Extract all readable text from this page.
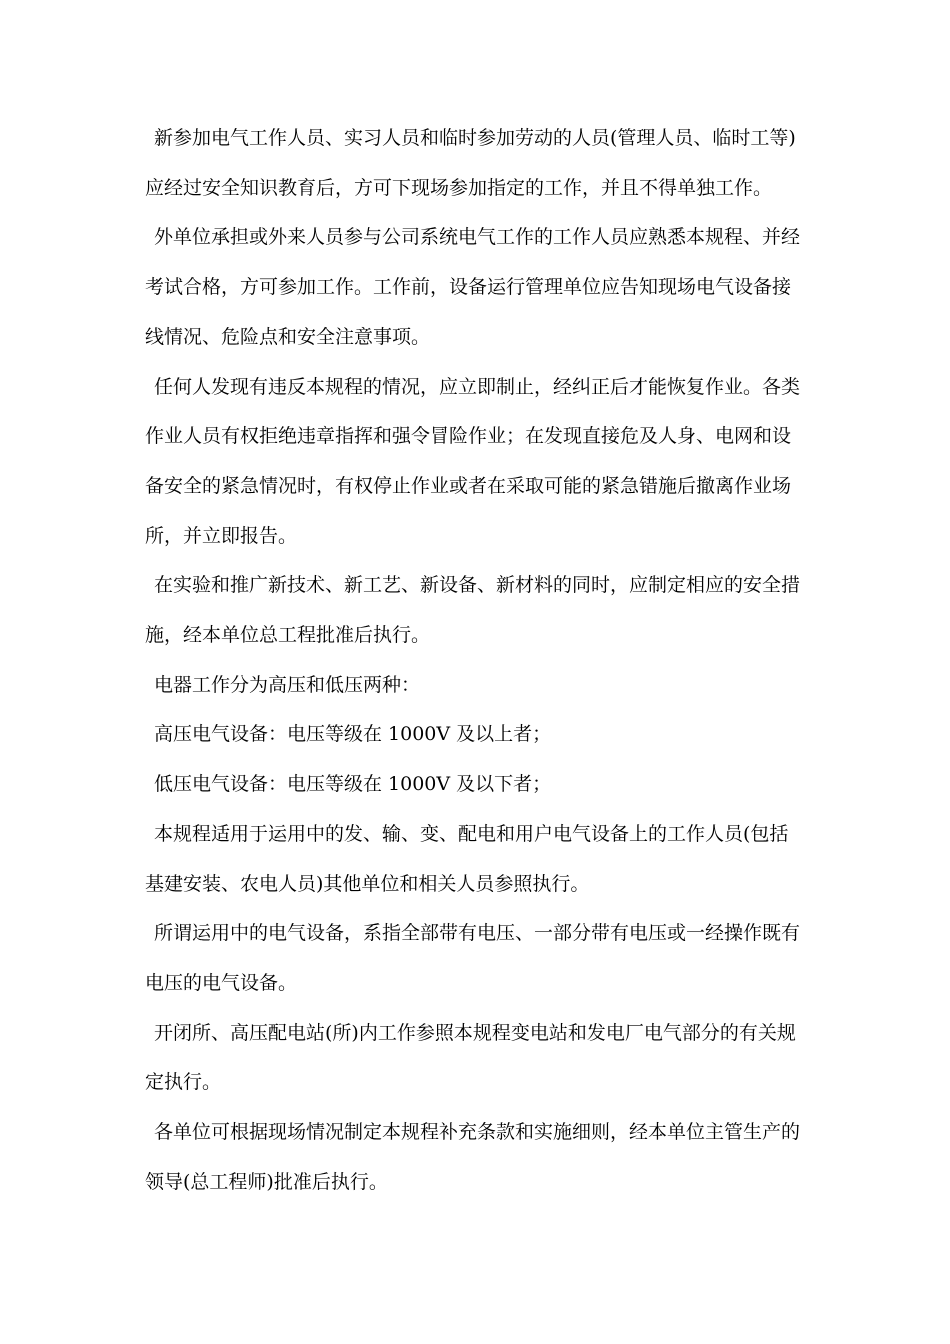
新参加电气工作人员、实习人员和临时参加劳动的人员(管理人员、临时工等)
应经过安全知识教育后，方可下现场参加指定的工作，并且不得单独工作。

外单位承担或外来人员参与公司系统电气工作的工作人员应熟悉本规程、并经
考试合格，方可参加工作。工作前，设备运行管理单位应告知现场电气设备接
线情况、危险点和安全注意事项。

任何人发现有违反本规程的情况，应立即制止，经纠正后才能恢复作业。各类
作业人员有权拒绝违章指挥和强令冒险作业；在发现直接危及人身、电网和设
备安全的紧急情况时，有权停止作业或者在采取可能的紧急错施后撤离作业场
所，并立即报告。

在实验和推广新技术、新工艺、新设备、新材料的同时，应制定相应的安全措
施，经本单位总工程批准后执行。

电器工作分为高压和低压两种：

高压电气设备：电压等级在 1000V 及以上者；

低压电气设备：电压等级在 1000V 及以下者；

本规程适用于运用中的发、输、变、配电和用户电气设备上的工作人员(包括
基建安装、农电人员)其他单位和相关人员参照执行。

所谓运用中的电气设备，系指全部带有电压、一部分带有电压或一经操作既有
电压的电气设备。

开闭所、高压配电站(所)内工作参照本规程变电站和发电厂电气部分的有关规
定执行。

各单位可根据现场情况制定本规程补充条款和实施细则，经本单位主管生产的
领导(总工程师)批准后执行。
